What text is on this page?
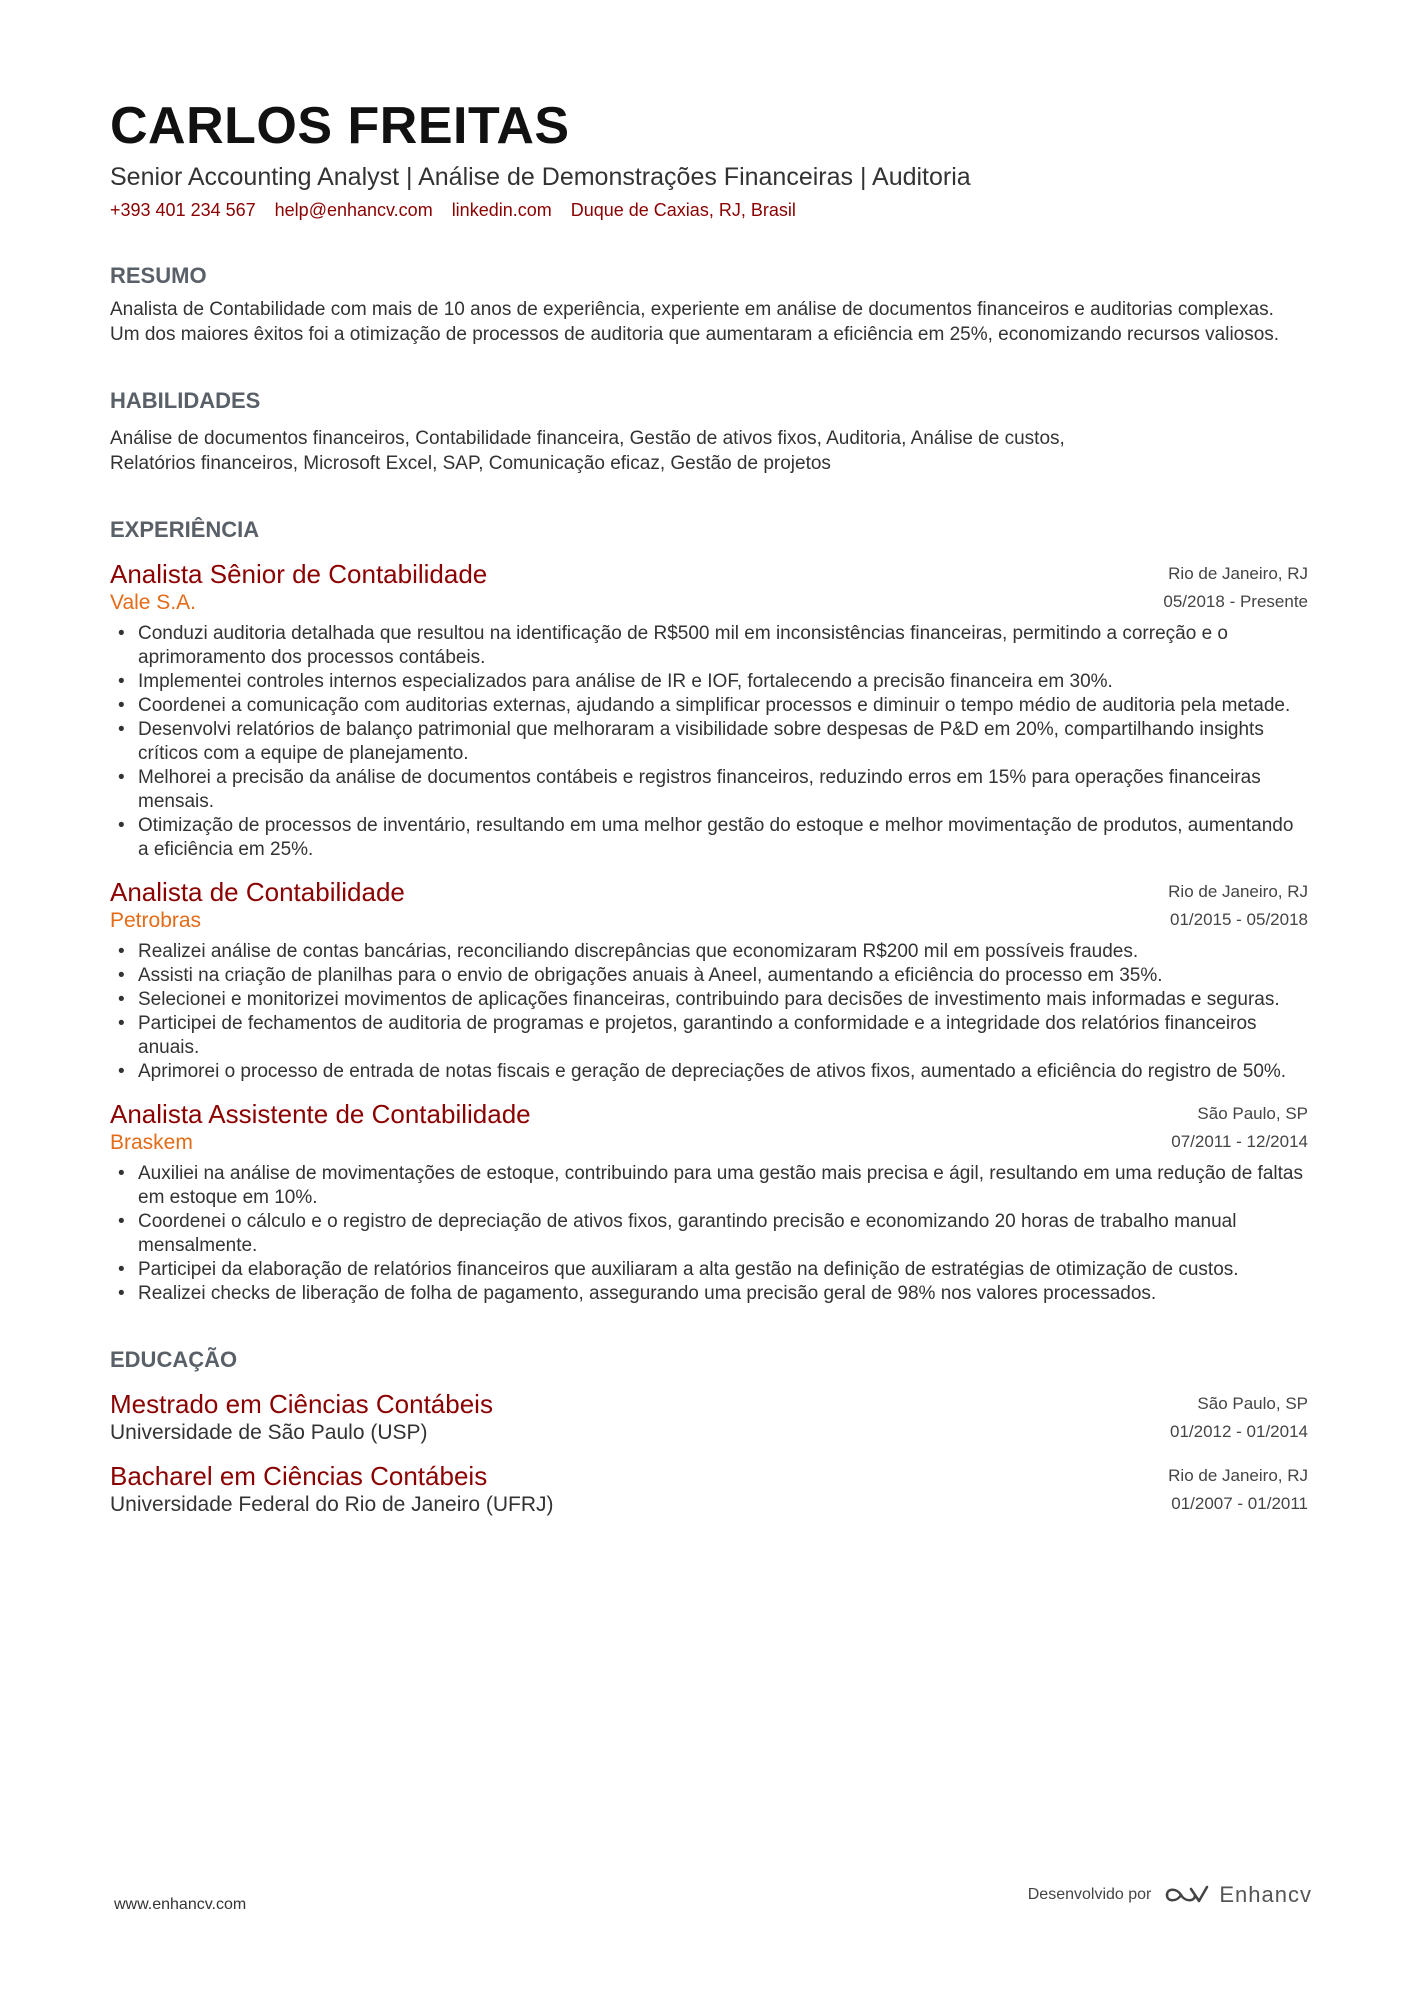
CARLOS FREITAS
Senior Accounting Analyst | Análise de Demonstrações Financeiras | Auditoria
+393 401 234 567 help@enhancv.com linkedin.com Duque de Caxias, RJ, Brasil
RESUMO
Analista de Contabilidade com mais de 10 anos de experiência, experiente em análise de documentos financeiros e auditorias complexas. Um dos maiores êxitos foi a otimização de processos de auditoria que aumentaram a eficiência em 25%, economizando recursos valiosos.
HABILIDADES
Análise de documentos financeiros, Contabilidade financeira, Gestão de ativos fixos, Auditoria, Análise de custos,
Relatórios financeiros, Microsoft Excel, SAP, Comunicação eficaz, Gestão de projetos
EXPERIÊNCIA
Analista Sênior de Contabilidade	Rio de Janeiro, RJ
Vale S.A.	05/2018 - Presente
• Conduzi auditoria detalhada que resultou na identificação de R$500 mil em inconsistências financeiras, permitindo a correção e o aprimoramento dos processos contábeis.
• Implementei controles internos especializados para análise de IR e IOF, fortalecendo a precisão financeira em 30%.
• Coordenei a comunicação com auditorias externas, ajudando a simplificar processos e diminuir o tempo médio de auditoria pela metade.
• Desenvolvi relatórios de balanço patrimonial que melhoraram a visibilidade sobre despesas de P&D em 20%, compartilhando insights críticos com a equipe de planejamento.
• Melhorei a precisão da análise de documentos contábeis e registros financeiros, reduzindo erros em 15% para operações financeiras mensais.
• Otimização de processos de inventário, resultando em uma melhor gestão do estoque e melhor movimentação de produtos, aumentando a eficiência em 25%.
Analista de Contabilidade	Rio de Janeiro, RJ
Petrobras	01/2015 - 05/2018
• Realizei análise de contas bancárias, reconciliando discrepâncias que economizaram R$200 mil em possíveis fraudes.
• Assisti na criação de planilhas para o envio de obrigações anuais à Aneel, aumentando a eficiência do processo em 35%.
• Selecionei e monitorizei movimentos de aplicações financeiras, contribuindo para decisões de investimento mais informadas e seguras.
• Participei de fechamentos de auditoria de programas e projetos, garantindo a conformidade e a integridade dos relatórios financeiros anuais.
• Aprimorei o processo de entrada de notas fiscais e geração de depreciações de ativos fixos, aumentado a eficiência do registro de 50%.
Analista Assistente de Contabilidade	São Paulo, SP
Braskem	07/2011 - 12/2014
• Auxiliei na análise de movimentações de estoque, contribuindo para uma gestão mais precisa e ágil, resultando em uma redução de faltas em estoque em 10%.
• Coordenei o cálculo e o registro de depreciação de ativos fixos, garantindo precisão e economizando 20 horas de trabalho manual mensalmente.
• Participei da elaboração de relatórios financeiros que auxiliaram a alta gestão na definição de estratégias de otimização de custos.
• Realizei checks de liberação de folha de pagamento, assegurando uma precisão geral de 98% nos valores processados.
EDUCAÇÃO
Mestrado em Ciências Contábeis	São Paulo, SP
Universidade de São Paulo (USP)	01/2012 - 01/2014
Bacharel em Ciências Contábeis	Rio de Janeiro, RJ
Universidade Federal do Rio de Janeiro (UFRJ)	01/2007 - 01/2011
www.enhancv.com
Desenvolvido por	Enhancv
